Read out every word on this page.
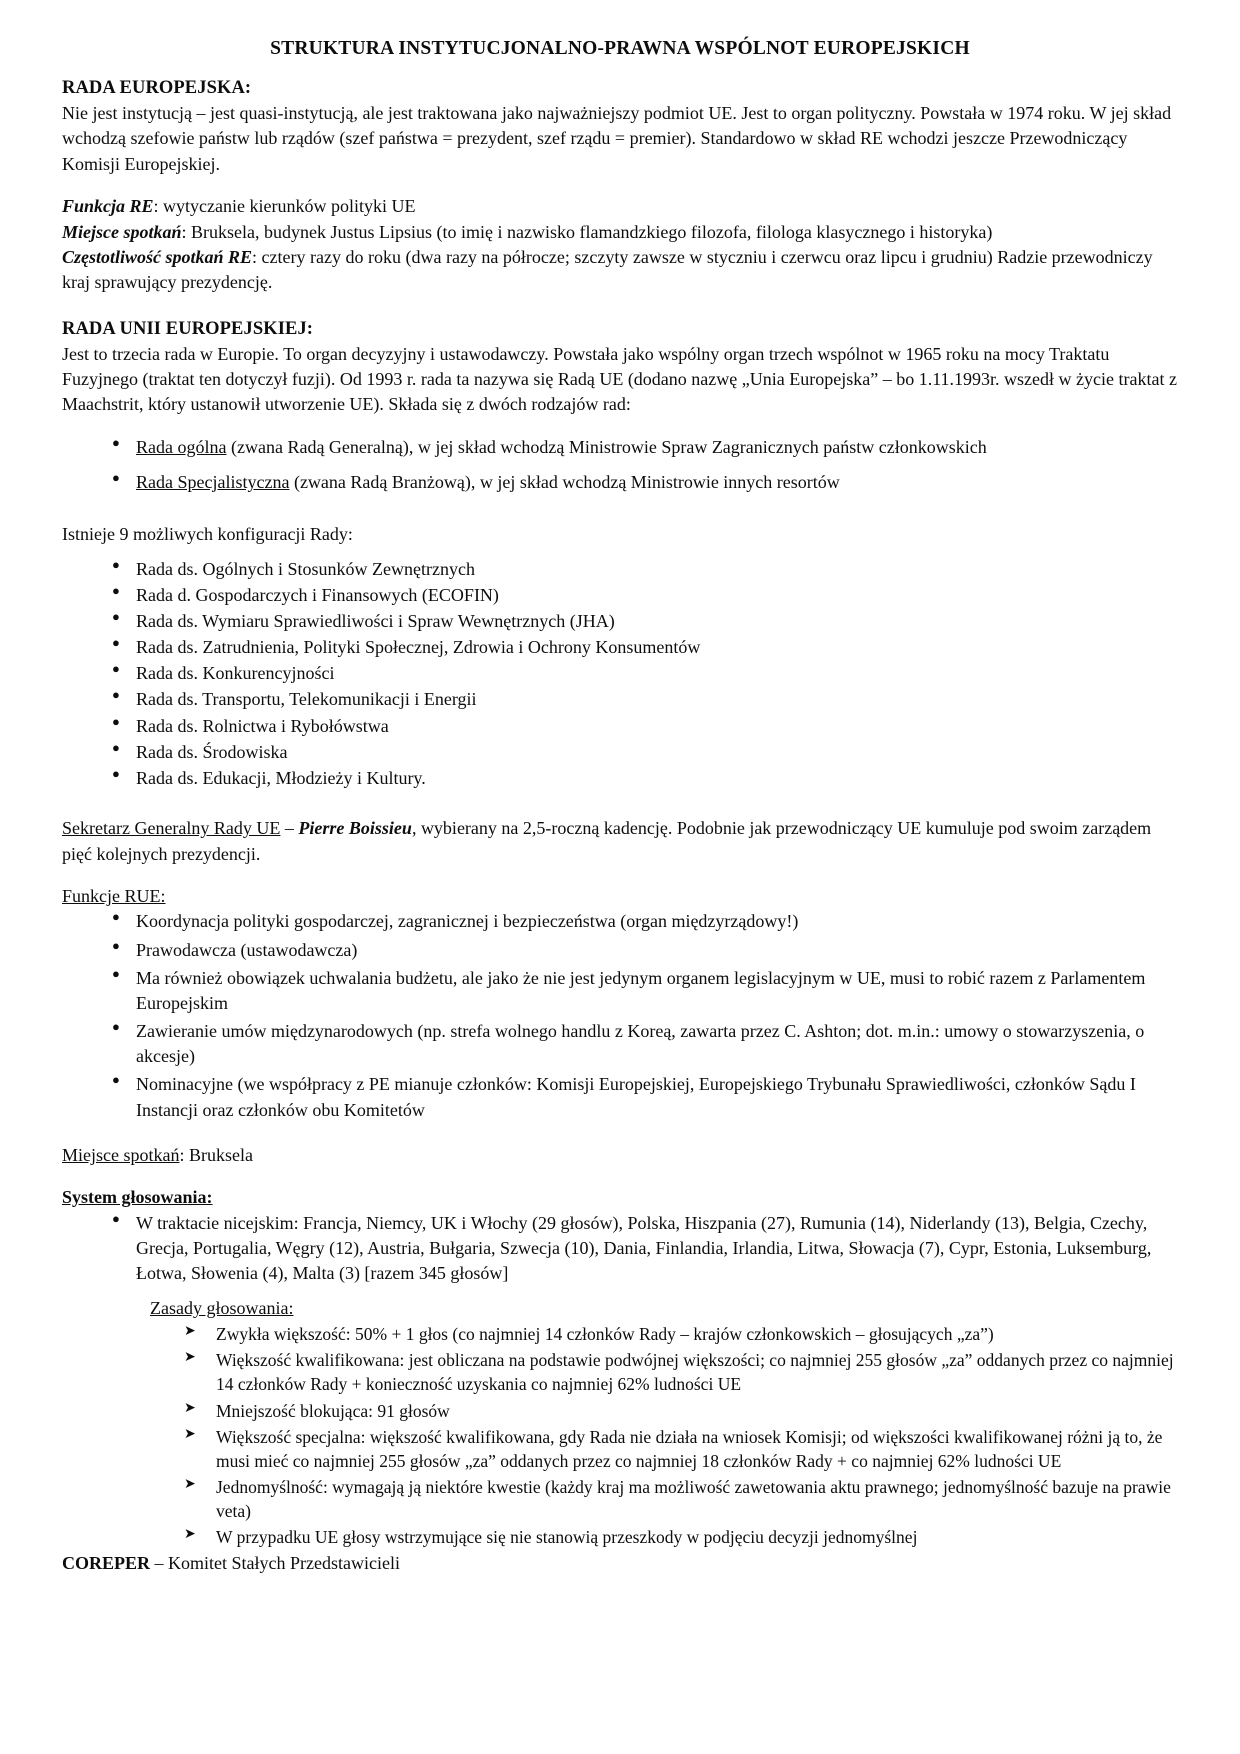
STRUKTURA INSTYTUCJONALNO-PRAWNA WSPÓLNOT EUROPEJSKICH
RADA EUROPEJSKA:

Nie jest instytucją – jest quasi-instytucją, ale jest traktowana jako najważniejszy podmiot UE. Jest to organ polityczny. Powstała w 1974 roku. W jej skład wchodzą szefowie państw lub rządów (szef państwa = prezydent, szef rządu = premier). Standardowo w skład RE wchodzi jeszcze Przewodniczący Komisji Europejskiej.

Funkcja RE: wytyczanie kierunków polityki UE

Miejsce spotkań: Bruksela, budynek Justus Lipsius (to imię i nazwisko flamandzkiego filozofa, filologa klasycznego i historyka)

Częstotliwość spotkań RE: cztery razy do roku (dwa razy na półrocze; szczyty zawsze w styczniu i czerwcu oraz lipcu i grudniu) Radzie przewodniczy kraj sprawujący prezydencję.

RADA UNII EUROPEJSKIEJ:

Jest to trzecia rada w Europie. To organ decyzyjny i ustawodawczy. Powstała jako wspólny organ trzech wspólnot w 1965 roku na mocy Traktatu Fuzyjnego (traktat ten dotyczył fuzji). Od 1993 r. rada ta nazywa się Radą UE (dodano nazwę „Unia Europejska” – bo 1.11.1993r. wszedł w życie traktat z Maachstrit, który ustanowił utworzenie UE). Składa się z dwóch rodzajów rad:

● Rada ogólna (zwana Radą Generalną), w jej skład wchodzą Ministrowie Spraw Zagranicznych państw członkowskich
● Rada Specjalistyczna (zwana Radą Branżową), w jej skład wchodzą Ministrowie innych resortów

Istnieje 9 możliwych konfiguracji Rady:

● Rada ds. Ogólnych i Stosunków Zewnętrznych
● Rada d. Gospodarczych i Finansowych (ECOFIN)
● Rada ds. Wymiaru Sprawiedliwości i Spraw Wewnętrznych (JHA)
● Rada ds. Zatrudnienia, Polityki Społecznej, Zdrowia i Ochrony Konsumentów
● Rada ds. Konkurencyjności
● Rada ds. Transportu, Telekomunikacji i Energii
● Rada ds. Rolnictwa i Rybołówstwa
● Rada ds. Środowiska
● Rada ds. Edukacji, Młodzieży i Kultury.

Sekretarz Generalny Rady UE – Pierre Boissieu, wybierany na 2,5-roczną kadencję. Podobnie jak przewodniczący UE kumuluje pod swoim zarządem pięć kolejnych prezydencji.

Funkcje RUE:

● Koordynacja polityki gospodarczej, zagranicznej i bezpieczeństwa (organ międzyrządowy!)
● Prawodawcza (ustawodawcza)
● Ma również obowiązek uchwalania budżetu, ale jako że nie jest jedynym organem legislacyjnym w UE, musi to robić razem z Parlamentem Europejskim
● Zawieranie umów międzynarodowych (np. strefa wolnego handlu z Koreą, zawarta przez C. Ashton; dot. m.in.: umowy o stowarzyszenia, o akcesje)
● Nominacyjne (we współpracy z PE mianuje członków: Komisji Europejskiej, Europejskiego Trybunału Sprawiedliwości, członków Sądu I Instancji oraz członków obu Komitetów

Miejsce spotkań: Bruksela

System głosowania:

● W traktacie nicejskim: Francja, Niemcy, UK i Włochy (29 głosów), Polska, Hiszpania (27), Rumunia (14), Niderlandy (13), Belgia, Czechy, Grecja, Portugalia, Węgry (12), Austria, Bułgaria, Szwecja (10), Dania, Finlandia, Irlandia, Litwa, Słowacja (7), Cypr, Estonia, Luksemburg, Łotwa, Słowenia (4), Malta (3) [razem 345 głosów]
Zasady głosowania:
➤ Zwykła większość: 50% + 1 głos (co najmniej 14 członków Rady – krajów członkowskich – głosujących „za”)
➤ Większość kwalifikowana: jest obliczana na podstawie podwójnej większości; co najmniej 255 głosów „za” oddanych przez co najmniej 14 członków Rady + konieczność uzyskania co najmniej 62% ludności UE
➤ Mniejszość blokująca: 91 głosów
➤ Większość specjalna: większość kwalifikowana, gdy Rada nie działa na wniosek Komisji; od większości kwalifikowanej różni ją to, że musi mieć co najmniej 255 głosów „za” oddanych przez co najmniej 18 członków Rady + co najmniej 62% ludności UE
➤ Jednomyślność: wymagają ją niektóre kwestie (każdy kraj ma możliwość zawetowania aktu prawnego; jednomyślność bazuje na prawie veta)
➤ W przypadku UE głosy wstrzymujące się nie stanowią przeszkody w podjęciu decyzji jednomyślnej

COREPER – Komitet Stałych Przedstawicieli
